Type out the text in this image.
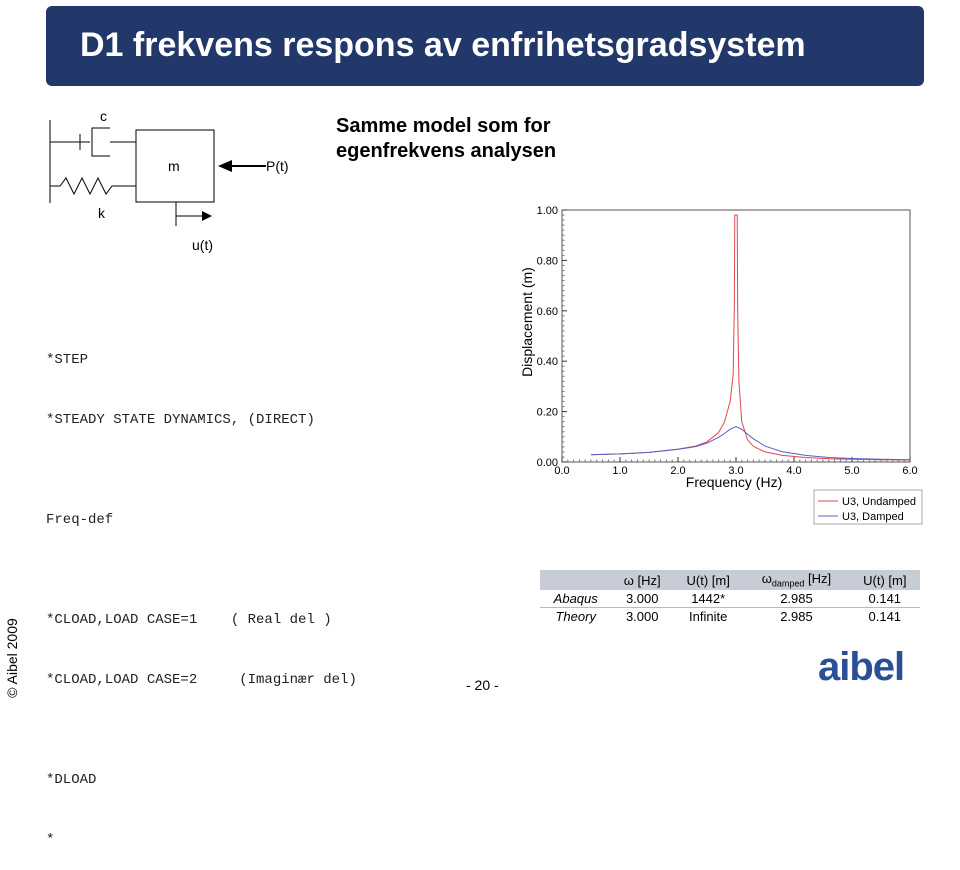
D1 frekvens respons av enfrihetsgradsystem
c
m
k
P(t)
u(t)
Samme model som for
egenfrekvens analysen

*STEP

*STEADY STATE DYNAMICS, (DIRECT)

Freq-def

*CLOAD,LOAD CASE=1    ( Real del )

*CLOAD,LOAD CASE=2     (Imaginær del)

*DLOAD

*

Displacement (m)
Frequency (Hz)
0.00
0.20
0.40
0.60
0.80
1.00
0.0	1.0	2.0	3.0	4.0	5.0	6.0
U3, Undamped
U3, Damped
	ω [Hz]	U(t) [m]	$\omega_{damped}$ [Hz]	U(t) [m]
Abaqus	3.000	1442*	2.985	0.141
Theory	3.000	Infinite	2.985	0.141
© Aibel 2009	- 20 -	aibel
